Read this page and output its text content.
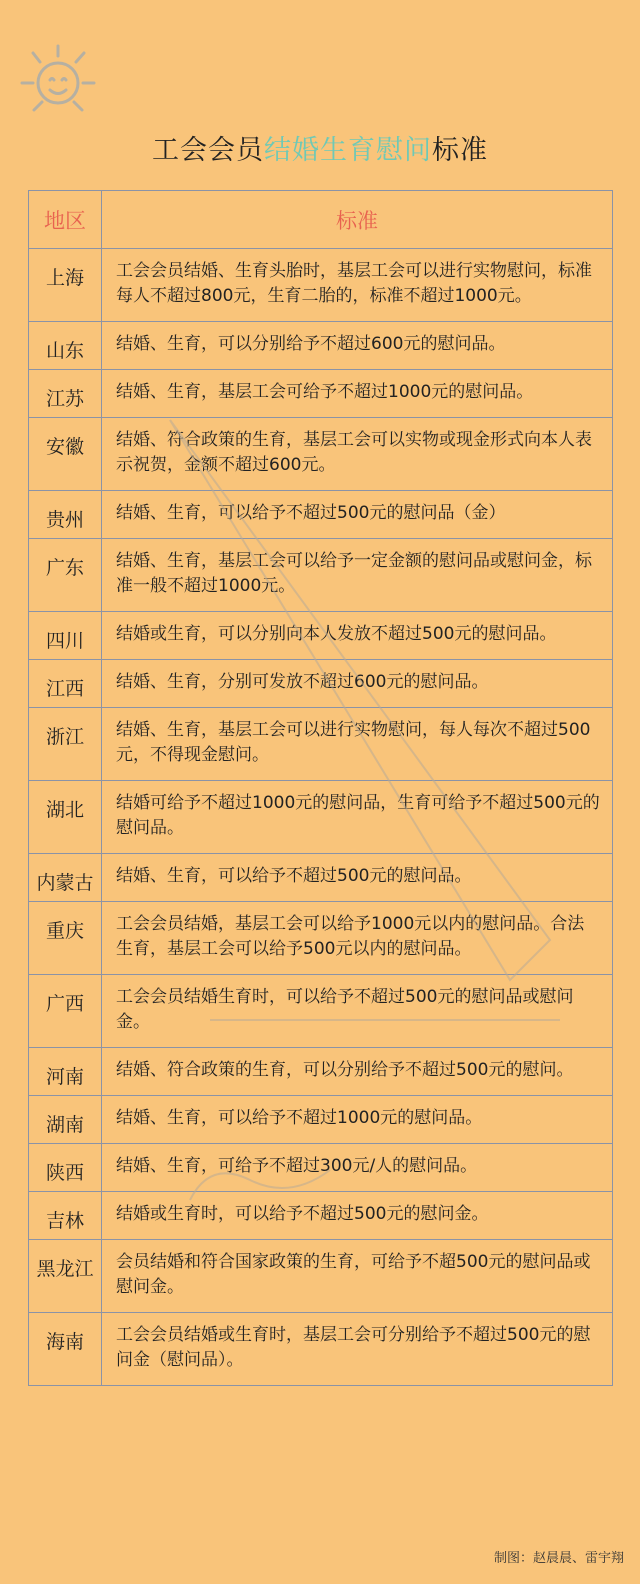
工会会员结婚生育慰问标准
地区	标准
上海	工会会员结婚、生育头胎时，基层工会可以进行实物慰问，标准每人不超过800元，生育二胎的，标准不超过1000元。
山东	结婚、生育，可以分别给予不超过600元的慰问品。
江苏	结婚、生育，基层工会可给予不超过1000元的慰问品。
安徽	结婚、符合政策的生育，基层工会可以实物或现金形式向本人表示祝贺，金额不超过600元。
贵州	结婚、生育，可以给予不超过500元的慰问品（金）
广东	结婚、生育，基层工会可以给予一定金额的慰问品或慰问金，标准一般不超过1000元。
四川	结婚或生育，可以分别向本人发放不超过500元的慰问品。
江西	结婚、生育，分别可发放不超过600元的慰问品。
浙江	结婚、生育，基层工会可以进行实物慰问，每人每次不超过500元，不得现金慰问。
湖北	结婚可给予不超过1000元的慰问品，生育可给予不超过500元的慰问品。
内蒙古	结婚、生育，可以给予不超过500元的慰问品。
重庆	工会会员结婚，基层工会可以给予1000元以内的慰问品。合法生育，基层工会可以给予500元以内的慰问品。
广西	工会会员结婚生育时，可以给予不超过500元的慰问品或慰问金。
河南	结婚、符合政策的生育，可以分别给予不超过500元的慰问。
湖南	结婚、生育，可以给予不超过1000元的慰问品。
陕西	结婚、生育，可给予不超过300元/人的慰问品。
吉林	结婚或生育时，可以给予不超过500元的慰问金。
黑龙江	会员结婚和符合国家政策的生育，可给予不超500元的慰问品或慰问金。
海南	工会会员结婚或生育时，基层工会可分别给予不超过500元的慰问金（慰问品）。
制图：赵晨晨、雷宇翔
